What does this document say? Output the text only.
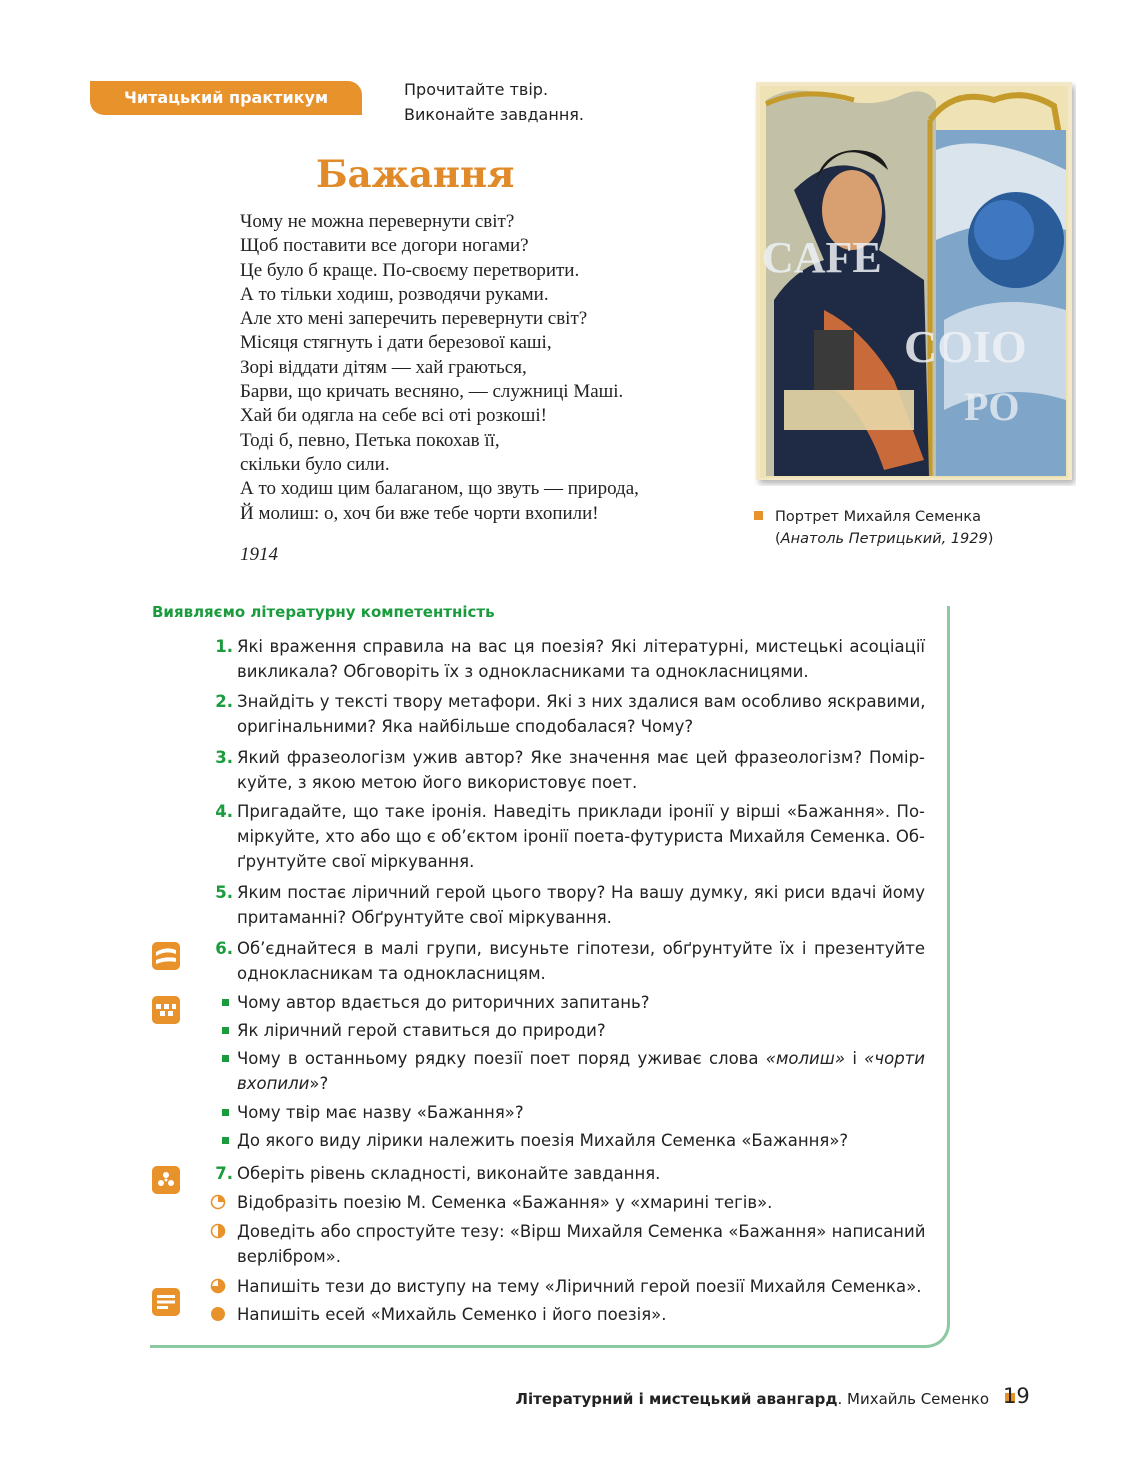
Читацький практикум	Прочитайте твір.
Виконайте завдання.
Бажання
Чому не можна перевернути світ?
Щоб поставити все догори ногами?
Це було б краще. По-своєму перетворити.
А то тільки ходиш, розводячи руками.
Але хто мені заперечить перевернути світ?
Місяця стягнуть і дати березової каші,
Зорі віддати дітям — хай граються,
Барви, що кричать весняно, — служниці Маші.
Хай би одягла на себе всі оті розкоші!
Тоді б, певно, Петька покохав її,
скільки було сили.
А то ходиш цим балаганом, що звуть — природа,
Й молиш: о, хоч би вже тебе чорти вхопили!
1914
CAFE
COIO
PO
Портрет Михайля Семенка
(Анатоль Петрицький, 1929)
Виявляємо літературну компетентність
1. Які враження справила на вас ця поезія? Які літературні, мистецькі асоціації
викликала? Обговоріть їх з однокласниками та однокласницями.
2. Знайдіть у тексті твору метафори. Які з них здалися вам особливо яскравими,
оригінальними? Яка найбільше сподобалася? Чому?
3. Який фразеологізм ужив автор? Яке значення має цей фразеологізм? Помір-
куйте, з якою метою його використовує поет.
4. Пригадайте, що таке іронія. Наведіть приклади іронії у вірші «Бажання». По-
міркуйте, хто або що є об’єктом іронії поета-футуриста Михайля Семенка. Об-
ґрунтуйте свої міркування.
5. Яким постає ліричний герой цього твору? На вашу думку, які риси вдачі йому
притаманні? Обґрунтуйте свої міркування.
6. Об’єднайтеся в малі групи, висуньте гіпотези, обґрунтуйте їх і презентуйте
однокласникам та однокласницям.
Чому автор вдається до риторичних запитань?
Як ліричний герой ставиться до природи?
Чому в останньому рядку поезії поет поряд уживає слова «молиш» і «чорти
вхопили»?
Чому твір має назву «Бажання»?
До якого виду лірики належить поезія Михайля Семенка «Бажання»?
7. Оберіть рівень складності, виконайте завдання.
Відобразіть поезію М. Семенка «Бажання» у «хмарині тегів».
Доведіть або спростуйте тезу: «Вірш Михайля Семенка «Бажання» написаний
верлібром».
Напишіть тези до виступу на тему «Ліричний герой поезії Михайля Семенка».
Напишіть есей «Михайль Семенко і його поезія».
Літературний і мистецький авангард. Михайль Семенко 19
